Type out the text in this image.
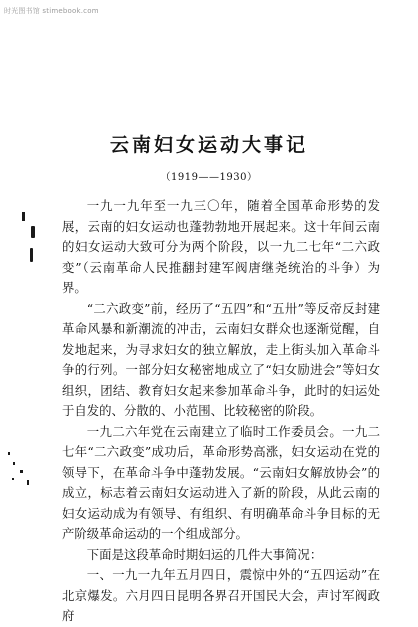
时光图书馆 stimebook.com
云南妇女运动大事记
（1919——1930）

一九一九年至一九三〇年，随着全国革命形势的发展，云南的妇女运动也蓬勃勃地开展起来。这十年间云南的妇女运动大致可分为两个阶段，以一九二七年“二六政变”（云南革命人民推翻封建军阀唐继尧统治的斗争）为界。

“二六政变”前，经历了“五四”和“五卅”等反帝反封建革命风暴和新潮流的冲击，云南妇女群众也逐渐觉醒，自发地起来，为寻求妇女的独立解放，走上街头加入革命斗争的行列。一部分妇女秘密地成立了“妇女励进会”等妇女组织，团结、教育妇女起来参加革命斗争，此时的妇运处于自发的、分散的、小范围、比较秘密的阶段。

一九二六年党在云南建立了临时工作委员会。一九二七年“二六政变”成功后，革命形势高涨，妇女运动在党的领导下，在革命斗争中蓬勃发展。“云南妇女解放协会”的成立，标志着云南妇女运动进入了新的阶段，从此云南的妇女运动成为有领导、有组织、有明确革命斗争目标的无产阶级革命运动的一个组成部分。

下面是这段革命时期妇运的几件大事简况：

一、一九一九年五月四日，震惊中外的“五四运动”在北京爆发。六月四日昆明各界召开国民大会，声讨军阀政府
